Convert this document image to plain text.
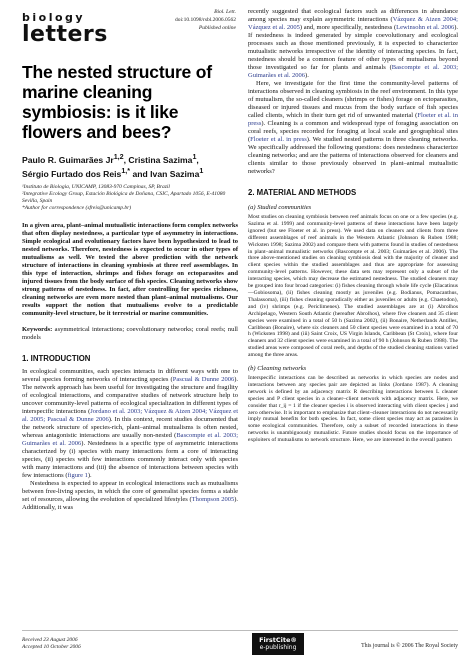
biology
letters
Biol. Lett.
doi:10.1098/rsbl.2006.0562
Published online
The nested structure of marine cleaning symbiosis: is it like flowers and bees?
Paulo R. Guimarães Jr$^{1,2}$, Cristina Sazima$^1$,
Sérgio Furtado dos Reis$^{1,*}$ and Ivan Sazima$^1$
¹Instituto de Biologia, UNICAMP, 13083-970 Campinas, SP, Brazil
²Integrative Ecology Group, Estación Biológica de Doñana, CSIC, Apartado 1056, E-41080 Sevilla, Spain
*Author for correspondence (sfreis@unicamp.br)

In a given area, plant–animal mutualistic interactions form complex networks that often display nestedness, a particular type of asymmetry in interactions. Simple ecological and evolutionary factors have been hypothesized to lead to nested networks. Therefore, nestedness is expected to occur in other types of mutualisms as well. We tested the above prediction with the network structure of interactions in cleaning symbiosis at three reef assemblages. In this type of interaction, shrimps and fishes forage on ectoparasites and injured tissues from the body surface of fish species. Cleaning networks show strong patterns of nestedness. In fact, after controlling for species richness, cleaning networks are even more nested than plant–animal mutualisms. Our results support the notion that mutualisms evolve to a predictable community-level structure, be it terrestrial or marine communities.

Keywords: asymmetrical interactions; coevolutionary networks; coral reefs; null models

1. INTRODUCTION

In ecological communities, each species interacts in different ways with one to several species forming networks of interacting species (Pascual & Dunne 2006). The network approach has been useful for investigating the structure and fragility of ecological interactions, and comparative studies of network structure help to uncover community-level patterns of ecological specialization in different types of interspecific interactions (Jordano et al. 2003; Vázquez & Aizen 2004; Vázquez et al. 2005; Pascual & Dunne 2006). In this context, recent studies documented that the network structure of species-rich, plant–animal mutualisms is often nested, whereas antagonistic interactions are usually non-nested (Bascompte et al. 2003; Guimarães et al. 2006). Nestedness is a specific type of asymmetric interactions characterized by (i) species with many interactions form a core of interacting species, (ii) species with few interactions commonly interact only with species with many interactions and (iii) the absence of interactions between species with few interactions (figure 1).

Nestedness is expected to appear in ecological interactions such as mutualisms between free-living species, in which the core of generalist species forms a stable set of resources, allowing the evolution of specialized lifestyles (Thompson 2005). Additionally, it was

recently suggested that ecological factors such as differences in abundance among species may explain asymmetric interactions (Vázquez & Aizen 2004; Vázquez et al. 2005) and, more specifically, nestedness (Lewinsohn et al. 2006). If nestedness is indeed generated by simple coevolutionary and ecological processes such as those mentioned previously, it is expected to characterize mutualistic networks irrespective of the identity of interacting species. In fact, nestedness should be a common feature of other types of mutualisms beyond those investigated so far for plants and animals (Bascompte et al. 2003; Guimarães et al. 2006).

Here, we investigate for the first time the community-level patterns of interactions observed in cleaning symbiosis in the reef environment. In this type of mutualism, the so-called cleaners (shrimps or fishes) forage on ectoparasites, diseased or injured tissues and mucus from the body surface of fish species called clients, which in their turn get rid of unwanted material (Floeter et al. in press). Cleaning is a common and widespread type of foraging association on coral reefs, species recorded for foraging at local scale and geographical sites (Floeter et al. in press). We studied nested patterns in three cleaning networks. We specifically addressed the following questions: does nestedness characterize cleaning networks; and are the patterns of interactions observed for cleaners and clients similar to those previously observed in plant–animal mutualistic networks?

2. MATERIAL AND METHODS
(a) Studied communities

Most studies on cleaning symbiosis between reef animals focus on one or a few species (e.g. Sazima et al. 1999) and community-level patterns of these interactions have been largely ignored (but see Floeter et al. in press). We used data on cleaners and clients from three different assemblages of reef animals in the Western Atlantic (Johnson & Ruben 1988; Wicksten 1998; Sazima 2002) and compare them with patterns found in studies of nestedness in plant–animal mutualistic networks (Bascompte et al. 2003; Guimarães et al. 2006). The three above-mentioned studies on cleaning symbiosis deal with the majority of cleaner and client species within the studied assemblages and thus are appropriate for assessing community-level patterns. However, these data sets may represent only a subset of the interacting species, which may decrease the estimated nestedness. The studied cleaners may be grouped into four broad categories: (i) fishes cleaning through whole life cycle (Elacatinus—Gobiosoma), (ii) fishes cleaning mostly as juveniles (e.g. Bodianus, Pomacanthus, Thalassoma), (iii) fishes cleaning sporadically either as juveniles or adults (e.g. Chaetodon), and (iv) shrimps (e.g. Periclimenes). The studied assemblages are at (i) Abrolhos Archipelago, Western South Atlantic (hereafter Abrolhos), where five cleaners and 35 client species were examined in a total of 50 h (Sazima 2002), (ii) Bonaire, Netherlands Antilles, Caribbean (Bonaire), where six cleaners and 50 client species were examined in a total of 70 h (Wicksten 1998) and (iii) Saint Croix, US Virgin Islands, Caribbean (St Croix), where four cleaners and 32 client species were examined in a total of 90 h (Johnson & Ruben 1988). The studied areas were composed of coral reefs, and depths of the studied cleaning stations varied among the three areas.

(b) Cleaning networks

Interspecific interactions can be described as networks in which species are nodes and interactions between any species pair are depicted as links (Jordano 1987). A cleaning network is defined by an adjacency matrix R describing interactions between L cleaner species and P client species in a cleaner–client network with adjacency matrix. Here, we consider that r_ij = 1 if the cleaner species i is observed interacting with client species j and zero otherwise. It is important to emphasize that client–cleaner interactions do not necessarily imply mutual benefits for both species. In fact, some client species may act as parasites in some ecological communities. Therefore, only a subset of recorded interactions in these networks is unambiguously mutualistic. Future studies should focus on the importance of exploiters of mutualisms to network structure. Here, we are interested in the overall pattern

Received 23 August 2006
Accepted 10 October 2006
FirstCite®
e-publishing	This journal is © 2006 The Royal Society
